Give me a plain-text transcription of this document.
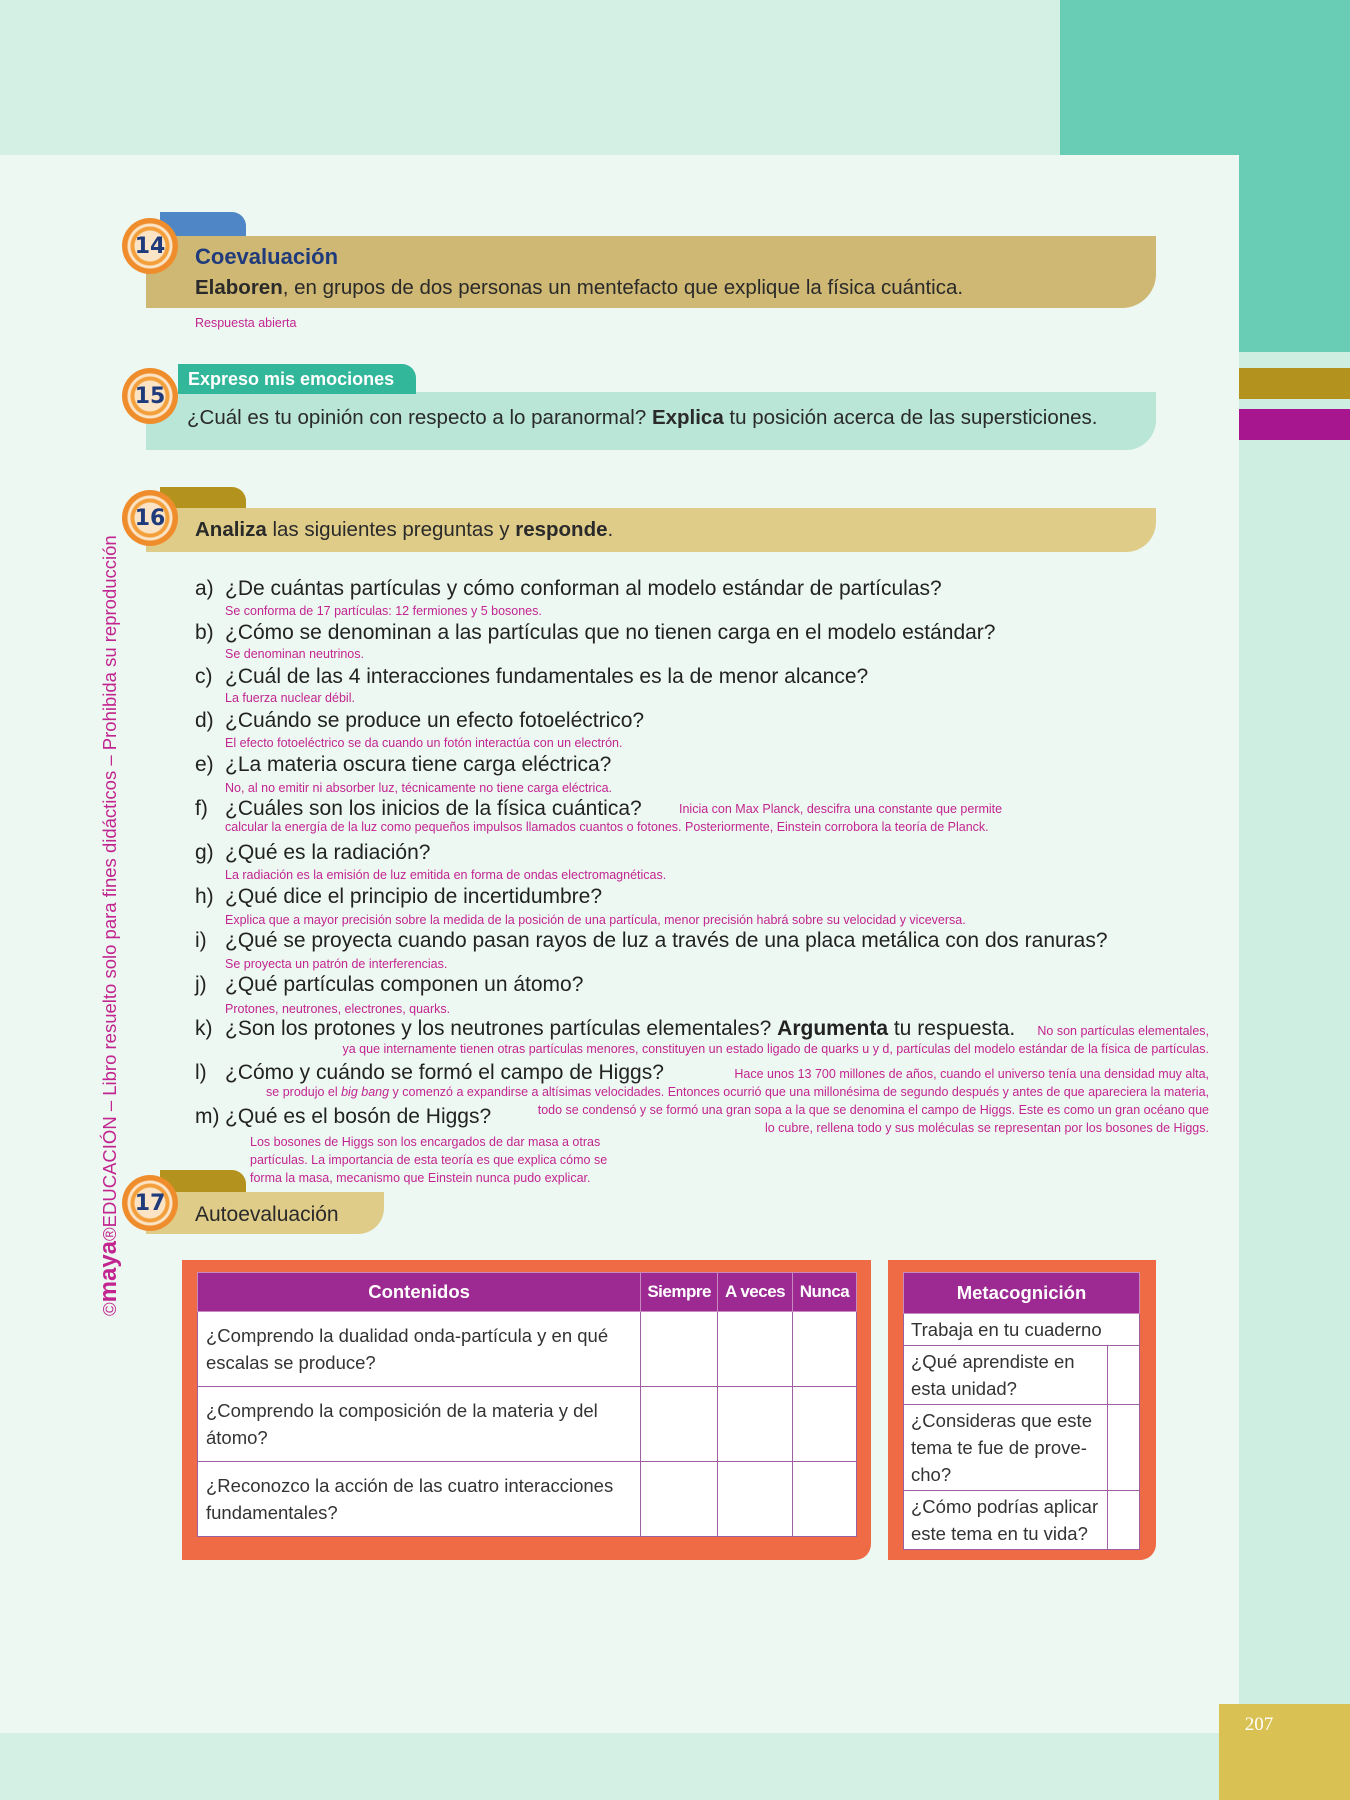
207
©maya®EDUCACIÓN – Libro resuelto solo para fines didácticos – Prohibida su reproducción
14	Coevaluación
Elaboren, en grupos de dos personas un mentefacto que explique la física cuántica.
Respuesta abierta
Expreso mis emociones
15
¿Cuál es tu opinión con respecto a lo paranormal? Explica tu posición acerca de las supersticiones.
16	Analiza las siguientes preguntas y responde.
a) ¿De cuántas partículas y cómo conforman al modelo estándar de partículas?
Se conforma de 17 partículas: 12 fermiones y 5 bosones.
b) ¿Cómo se denominan a las partículas que no tienen carga en el modelo estándar?
Se denominan neutrinos.
c) ¿Cuál de las 4 interacciones fundamentales es la de menor alcance?
La fuerza nuclear débil.
d) ¿Cuándo se produce un efecto fotoeléctrico?
El efecto fotoeléctrico se da cuando un fotón interactúa con un electrón.
e) ¿La materia oscura tiene carga eléctrica?
No, al no emitir ni absorber luz, técnicamente no tiene carga eléctrica.
f) ¿Cuáles son los inicios de la física cuántica?	Inicia con Max Planck, descifra una constante que permite
calcular la energía de la luz como pequeños impulsos llamados cuantos o fotones. Posteriormente, Einstein corrobora la teoría de Planck.
g) ¿Qué es la radiación?
La radiación es la emisión de luz emitida en forma de ondas electromagnéticas.
h) ¿Qué dice el principio de incertidumbre?
Explica que a mayor precisión sobre la medida de la posición de una partícula, menor precisión habrá sobre su velocidad y viceversa.
i) ¿Qué se proyecta cuando pasan rayos de luz a través de una placa metálica con dos ranuras?
Se proyecta un patrón de interferencias.
j) ¿Qué partículas componen un átomo?
Protones, neutrones, electrones, quarks.
k) ¿Son los protones y los neutrones partículas elementales? Argumenta tu respuesta. No son partículas elementales,
ya que internamente tienen otras partículas menores, constituyen un estado ligado de quarks u y d, partículas del modelo estándar de la física de partículas.
l) ¿Cómo y cuándo se formó el campo de Higgs?	Hace unos 13 700 millones de años, cuando el universo tenía una densidad muy alta,
se produjo el big bang y comenzó a expandirse a altísimas velocidades. Entonces ocurrió que una millonésima de segundo después y antes de que apareciera la materia,
todo se condensó y se formó una gran sopa a la que se denomina el campo de Higgs. Este es como un gran océano que
lo cubre, rellena todo y sus moléculas se representan por los bosones de Higgs.
m) ¿Qué es el bosón de Higgs?
Los bosones de Higgs son los encargados de dar masa a otras
partículas. La importancia de esta teoría es que explica cómo se
forma la masa, mecanismo que Einstein nunca pudo explicar.
17	Autoevaluación
Contenidos	Siempre	A veces	Nunca
¿Comprendo la dualidad onda-partícula y en qué escalas se produce?			
¿Comprendo la composición de la materia y del átomo?			
¿Reconozco la acción de las cuatro interacciones fundamentales?			
Metacognición	
Trabaja en tu cuaderno	
¿Qué aprendiste en esta unidad?	
¿Consideras que este tema te fue de prove-cho?	
¿Cómo podrías aplicar este tema en tu vida?	
